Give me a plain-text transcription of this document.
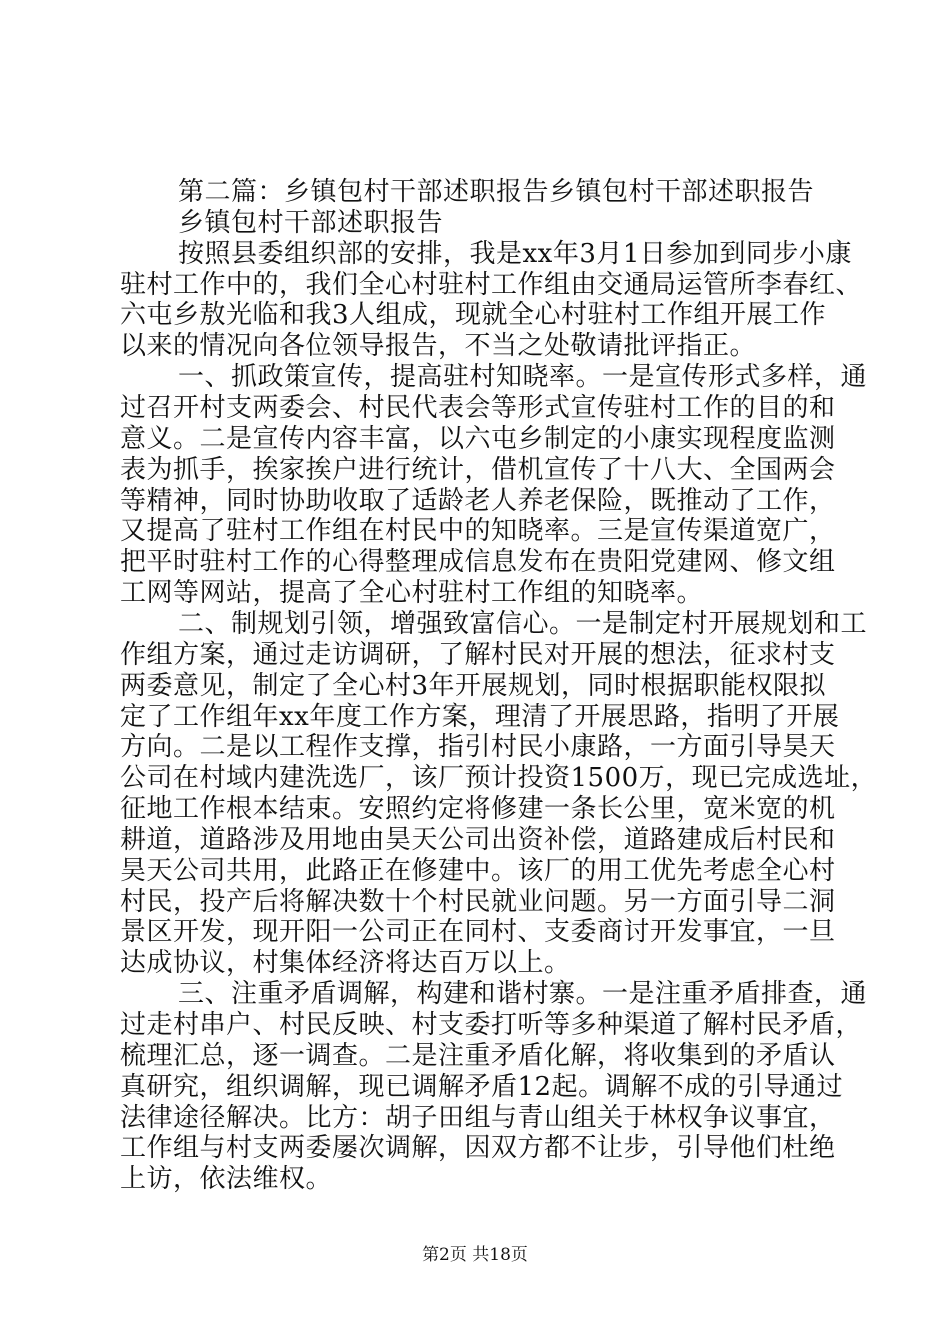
第二篇：乡镇包村干部述职报告乡镇包村干部述职报告
乡镇包村干部述职报告
按照县委组织部的安排，我是xx年3月1日参加到同步小康
驻村工作中的，我们全心村驻村工作组由交通局运管所李春红、
六屯乡敖光临和我3人组成，现就全心村驻村工作组开展工作
以来的情况向各位领导报告，不当之处敬请批评指正。
一、抓政策宣传，提高驻村知晓率。一是宣传形式多样，通
过召开村支两委会、村民代表会等形式宣传驻村工作的目的和
意义。二是宣传内容丰富，以六屯乡制定的小康实现程度监测
表为抓手，挨家挨户进行统计，借机宣传了十八大、全国两会
等精神，同时协助收取了适龄老人养老保险，既推动了工作，
又提高了驻村工作组在村民中的知晓率。三是宣传渠道宽广，
把平时驻村工作的心得整理成信息发布在贵阳党建网、修文组
工网等网站，提高了全心村驻村工作组的知晓率。
二、制规划引领，增强致富信心。一是制定村开展规划和工
作组方案，通过走访调研，了解村民对开展的想法，征求村支
两委意见，制定了全心村3年开展规划，同时根据职能权限拟
定了工作组年xx年度工作方案，理清了开展思路，指明了开展
方向。二是以工程作支撑，指引村民小康路，一方面引导昊天
公司在村域内建洗选厂，该厂预计投资1500万，现已完成选址，
征地工作根本结束。安照约定将修建一条长公里，宽米宽的机
耕道，道路涉及用地由昊天公司出资补偿，道路建成后村民和
昊天公司共用，此路正在修建中。该厂的用工优先考虑全心村
村民，投产后将解决数十个村民就业问题。另一方面引导二洞
景区开发，现开阳一公司正在同村、支委商讨开发事宜，一旦
达成协议，村集体经济将达百万以上。
三、注重矛盾调解，构建和谐村寨。一是注重矛盾排查，通
过走村串户、村民反映、村支委打听等多种渠道了解村民矛盾，
梳理汇总，逐一调查。二是注重矛盾化解，将收集到的矛盾认
真研究，组织调解，现已调解矛盾12起。调解不成的引导通过
法律途径解决。比方：胡子田组与青山组关于林权争议事宜，
工作组与村支两委屡次调解，因双方都不让步，引导他们杜绝
上访，依法维权。
第2页 共18页
